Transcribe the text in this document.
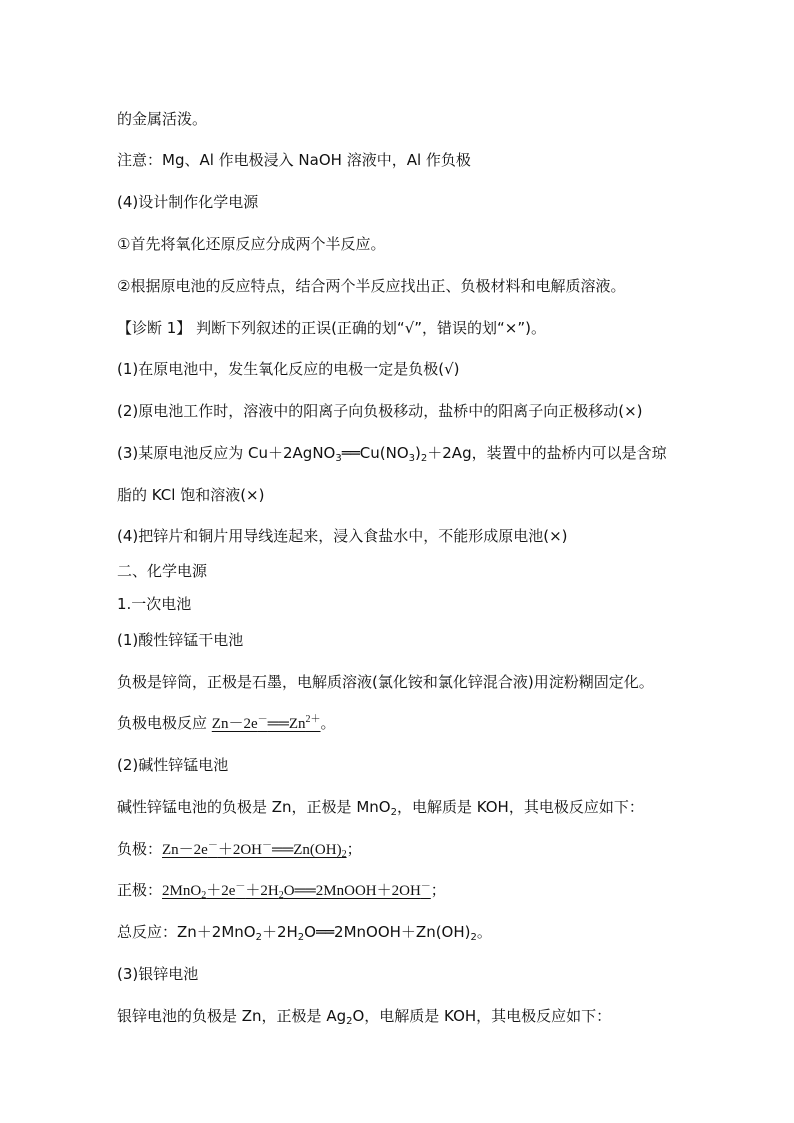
的金属活泼。
注意：Mg、Al 作电极浸入 NaOH 溶液中，Al 作负极
(4)设计制作化学电源
①首先将氧化还原反应分成两个半反应。
②根据原电池的反应特点，结合两个半反应找出正、负极材料和电解质溶液。
【诊断 1】 判断下列叙述的正误(正确的划“√”，错误的划“×”)。
(1)在原电池中，发生氧化反应的电极一定是负极(√)
(2)原电池工作时，溶液中的阳离子向负极移动，盐桥中的阳离子向正极移动(×)
(3)某原电池反应为 $Cu+2AgNO_3══Cu(NO_3)_2+2Ag$，装置中的盐桥内可以是含琼
脂的 KCl 饱和溶液(×)
(4)把锌片和铜片用导线连起来，浸入食盐水中，不能形成原电池(×)
二、化学电源
1.一次电池
(1)酸性锌锰干电池
负极是锌筒，正极是石墨，电解质溶液(氯化铵和氯化锌混合液)用淀粉糊固定化。
负极电极反应 $Zn-2e^-══Zn^{2+}$。
(2)碱性锌锰电池
碱性锌锰电池的负极是 Zn，正极是 MnO$_2$，电解质是 KOH，其电极反应如下：
负极：$Zn-2e^-+2OH^-══Zn(OH)_2$；
正极：$2MnO_2+2e^-+2H_2O══2MnOOH+2OH^-$；
总反应：$Zn+2MnO_2+2H_2O══2MnOOH+Zn(OH)_2$。
(3)银锌电池
银锌电池的负极是 Zn，正极是 $Ag_2O$，电解质是 KOH，其电极反应如下：
